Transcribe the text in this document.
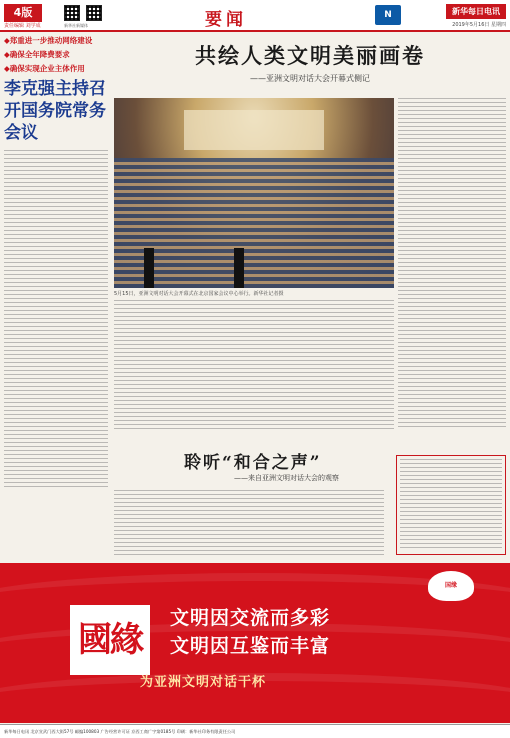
4版
责任编辑 刘学成	新华社新媒体	要闻	N	新华每日电讯
2019年5月16日 星期四
◆ 郑重进一步推动网络建设
◆ 确保全年降费要求
◆ 确保实现企业主体作用
李克强主持召开国务院常务会议
共绘人类文明美丽画卷
——亚洲文明对话大会开幕式侧记
5月15日，亚洲文明对话大会开幕式在北京国家会议中心举行。新华社记者摄
聆听“和合之声”
——来自亚洲文明对话大会的观察
國緣
文明因交流而多彩
文明因互鉴而丰富
为亚洲文明对话干杯
国缘
新华每日电讯 北京宣武门西大街57号 邮编100803 广告经营许可证 京西工商广字第0185号 印刷：新华社印务有限责任公司
